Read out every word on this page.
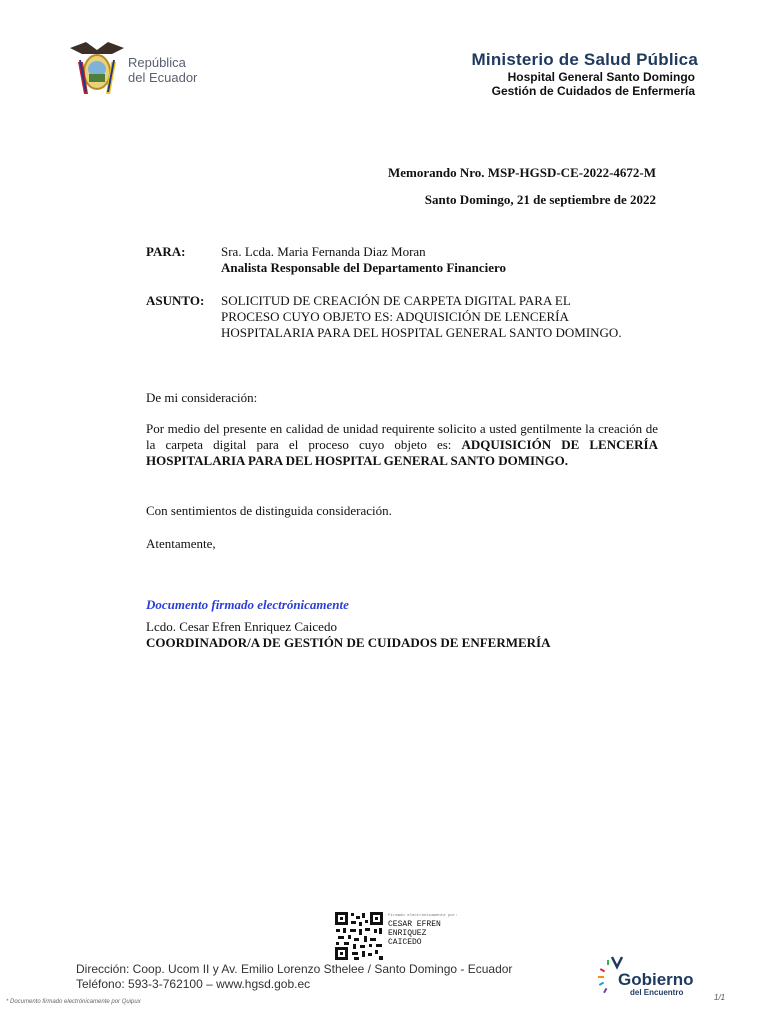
República
del Ecuador
Ministerio de Salud Pública
Hospital General Santo Domingo
Gestión de Cuidados de Enfermería
Memorando Nro. MSP-HGSD-CE-2022-4672-M
Santo Domingo, 21 de septiembre de 2022
PARA:	Sra. Lcda. Maria Fernanda Diaz Moran
Analista Responsable del Departamento Financiero
ASUNTO: SOLICITUD DE CREACIÓN DE CARPETA DIGITAL PARA EL PROCESO CUYO OBJETO ES: ADQUISICIÓN DE LENCERÍA HOSPITALARIA PARA DEL HOSPITAL GENERAL SANTO DOMINGO.
De mi consideración:
Por medio del presente en calidad de unidad requirente solicito a usted gentilmente la creación de la carpeta digital para el proceso cuyo objeto es: ADQUISICIÓN DE LENCERÍA HOSPITALARIA PARA DEL HOSPITAL GENERAL SANTO DOMINGO.
Con sentimientos de distinguida consideración.
Atentamente,
Documento firmado electrónicamente
Lcdo. Cesar Efren Enriquez Caicedo
COORDINADOR/A DE GESTIÓN DE CUIDADOS DE ENFERMERÍA
Firmado electrónicamente por:
CESAR EFREN
ENRIQUEZ
CAICEDO
Dirección: Coop. Ucom II y Av. Emilio Lorenzo Sthelee / Santo Domingo - Ecuador
Teléfono: 593-3-762100 – www.hgsd.gob.ec
* Documento firmado electrónicamente por Quipux
Gobierno
del Encuentro
1/1
